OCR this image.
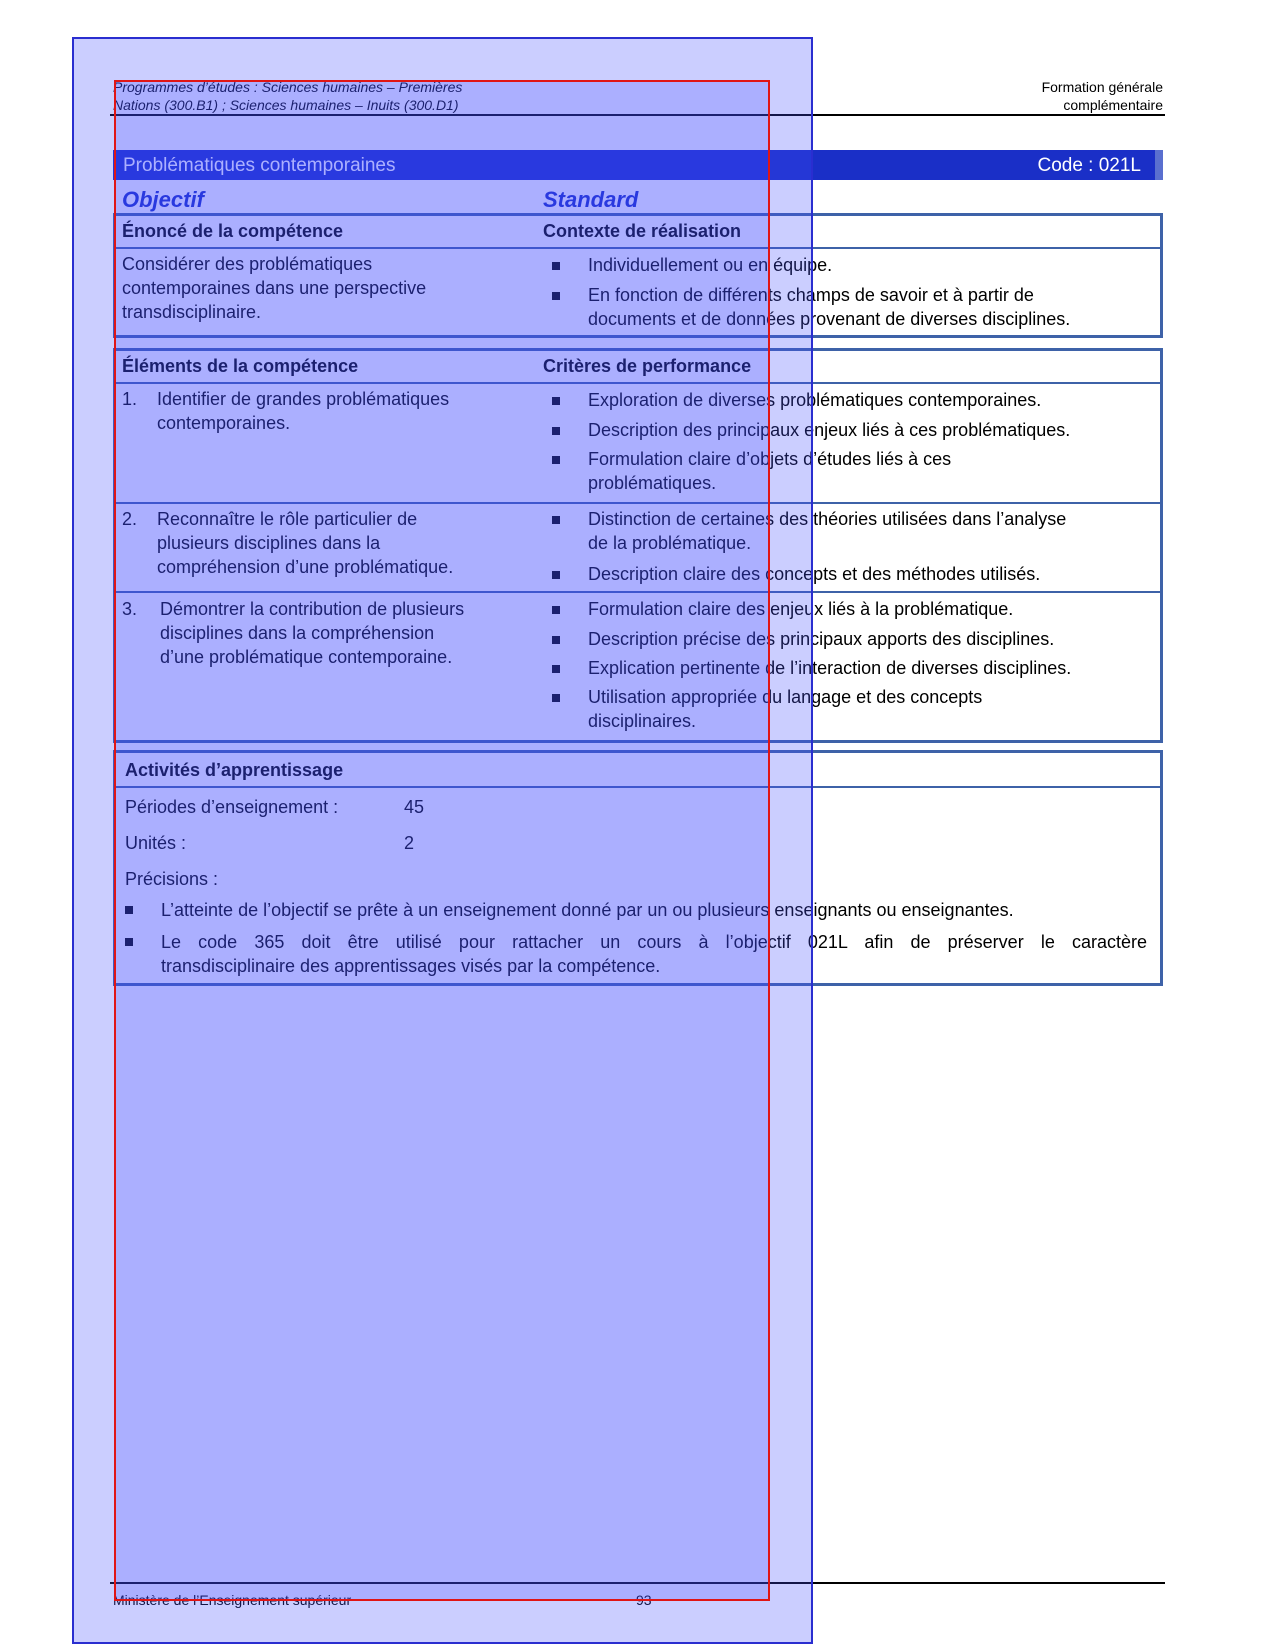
Programmes d’études : Sciences humaines – Premières
Nations (300.B1) ; Sciences humaines – Inuits (300.D1)
Formation générale
complémentaire
Problématiques contemporaines	Code : 021L
Objectif	Standard
Énoncé de la compétence	Contexte de réalisation
Considérer des problématiques
contemporaines dans une perspective
transdisciplinaire.
Individuellement ou en équipe.
En fonction de différents champs de savoir et à partir de
documents et de données provenant de diverses disciplines.
Éléments de la compétence	Critères de performance
1. Identifier de grandes problématiques
contemporaines.
Exploration de diverses problématiques contemporaines.
Description des principaux enjeux liés à ces problématiques.
Formulation claire d’objets d’études liés à ces
problématiques.
2. Reconnaître le rôle particulier de
plusieurs disciplines dans la
compréhension d’une problématique.
Distinction de certaines des théories utilisées dans l’analyse
de la problématique.
Description claire des concepts et des méthodes utilisés.
3. Démontrer la contribution de plusieurs
disciplines dans la compréhension
d’une problématique contemporaine.
Formulation claire des enjeux liés à la problématique.
Description précise des principaux apports des disciplines.
Explication pertinente de l’interaction de diverses disciplines.
Utilisation appropriée du langage et des concepts
disciplinaires.
Activités d’apprentissage
Périodes d’enseignement :	45
Unités :	2
Précisions :
L’atteinte de l’objectif se prête à un enseignement donné par un ou plusieurs enseignants ou enseignantes.
Le code 365 doit être utilisé pour rattacher un cours à l’objectif 021L afin de préserver le caractère
transdisciplinaire des apprentissages visés par la compétence.
Ministère de l’Enseignement supérieur	93
